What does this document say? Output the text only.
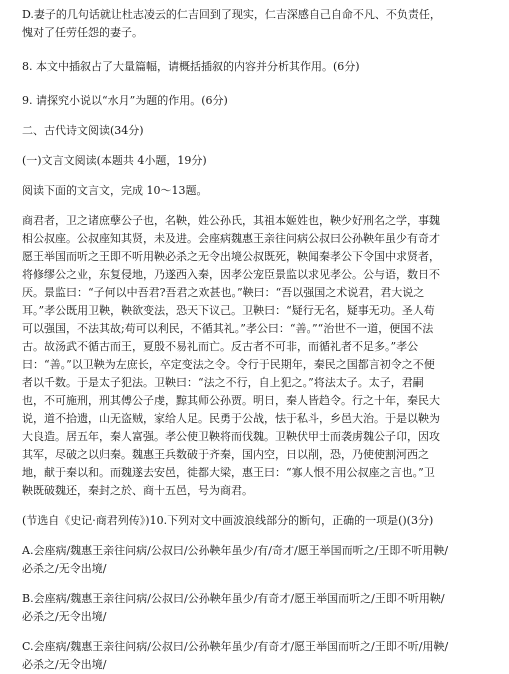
D.妻子的几句话就让杜志凌云的仁吉回到了现实，仁吉深感自己自命不凡、不负责任，

愧对了任劳任怨的妻子。

8. 本文中插叙占了大量篇幅，请概括插叙的内容并分析其作用。(6分)

9. 请探究小说以“水月”为题的作用。(6分)

二、古代诗文阅读(34分)

(一)文言文阅读(本题共 4小题，19分)

阅读下面的文言文，完成 10～13题。

商君者，卫之诸庶孽公子也，名鞅，姓公孙氏，其祖本姬姓也，鞅少好刑名之学，事魏

相公叔座。公叔座知其贤，未及进。会座病魏惠王亲往问病公叔曰公孙鞅年虽少有奇才

愿王举国而听之王即不听用鞅必杀之无令出境公叔既死，鞅闻秦孝公下令国中求贤者，

将修缪公之业，东复侵地，乃遂西入秦，因孝公宠臣景监以求见孝公。公与语，数日不

厌。景监曰：“子何以中吾君?吾君之欢甚也。”鞅曰：“吾以强国之术说君，君大说之

耳。”孝公既用卫鞅，鞅欲变法，恐天下议己。卫鞅曰：“疑行无名，疑事无功。圣人苟

可以强国，不法其故;苟可以利民，不循其礼。”孝公曰：“善。”“治世不一道，便国不法

古。故汤武不循古而王，夏殷不易礼而亡。反古者不可非，而循礼者不足多。”孝公

曰：“善。”以卫鞅为左庶长，卒定变法之令。令行于民期年，秦民之国都言初令之不便

者以千数。于是太子犯法。卫鞅曰：“法之不行，自上犯之。”将法太子。太子，君嗣

也，不可施刑，刑其傅公子虔，黥其师公孙贾。明日，秦人皆趋令。行之十年，秦民大

说，道不拾遗，山无盗贼，家给人足。民勇于公战，怯于私斗，乡邑大治。于是以鞅为

大良造。居五年，秦人富强。孝公使卫鞅将而伐魏。卫鞅伏甲士而袭虏魏公子卬，因攻

其军，尽破之以归秦。魏惠王兵数破于齐秦，国内空，日以削，恐，乃使使割河西之

地，献于秦以和。而魏遂去安邑，徙都大梁，惠王曰：“寡人恨不用公叔座之言也。”卫

鞅既破魏还，秦封之於、商十五邑，号为商君。

(节选自《史记·商君列传》)10.下列对文中画波浪线部分的断句，正确的一项是()(3分)

A.会座病/魏惠王亲往问病/公叔曰/公孙鞅年虽少/有/奇才/愿王举国而听之/王即不听用鞅/

必杀之/无令出境/

B.会座病/魏惠王亲往问病/公叔曰/公孙鞅年虽少/有奇才/愿王举国而听之/王即不听用鞅/

必杀之/无令出境/

C.会座病/魏惠王亲往问病/公叔曰/公孙鞅年虽少/有奇才/愿王举国而听之/王即不听/用鞅/

必杀之/无令出境/
